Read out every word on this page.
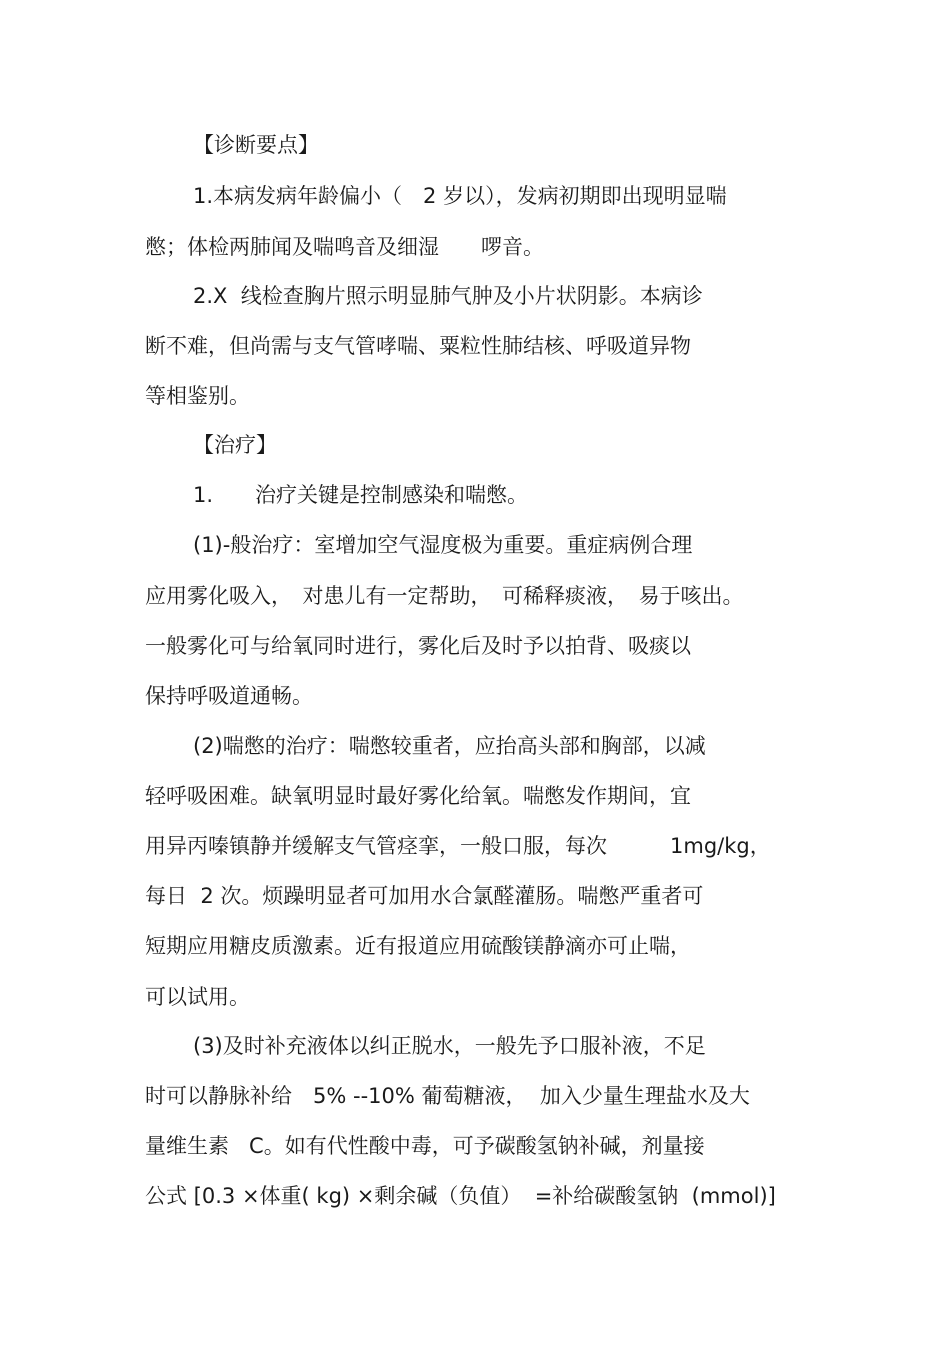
【诊断要点】
1.本病发病年龄偏小（　2 岁以），发病初期即出现明显喘
憋；体检两肺闻及喘鸣音及细湿　　啰音。
2.X  线检查胸片照示明显肺气肿及小片状阴影。本病诊
断不难，但尚需与支气管哮喘、粟粒性肺结核、呼吸道异物
等相鉴别。
【治疗】
1.　　治疗关键是控制感染和喘憋。
(1)-般治疗：室增加空气湿度极为重要。重症病例合理
应用雾化吸入，　对患儿有一定帮助，　可稀释痰液，　易于咳出。
一般雾化可与给氧同时进行，雾化后及时予以拍背、吸痰以
保持呼吸道通畅。
(2)喘憋的治疗：喘憋较重者，应抬高头部和胸部，以减
轻呼吸困难。缺氧明显时最好雾化给氧。喘憋发作期间，宜
用异丙嗪镇静并缓解支气管痉挛，一般口服，每次　　　1mg/kg，
每日  2 次。烦躁明显者可加用水合氯醛灌肠。喘憋严重者可
短期应用糖皮质激素。近有报道应用硫酸镁静滴亦可止喘，
可以试用。
(3)及时补充液体以纠正脱水，一般先予口服补液，不足
时可以静脉补给　5% --10% 葡萄糖液，  加入少量生理盐水及大
量维生素   C。如有代性酸中毒，可予碳酸氢钠补碱，剂量接
公式 [0.3 ×体重( kg) ×剩余碱（负值）  =补给碳酸氢钠  (mmol)]
